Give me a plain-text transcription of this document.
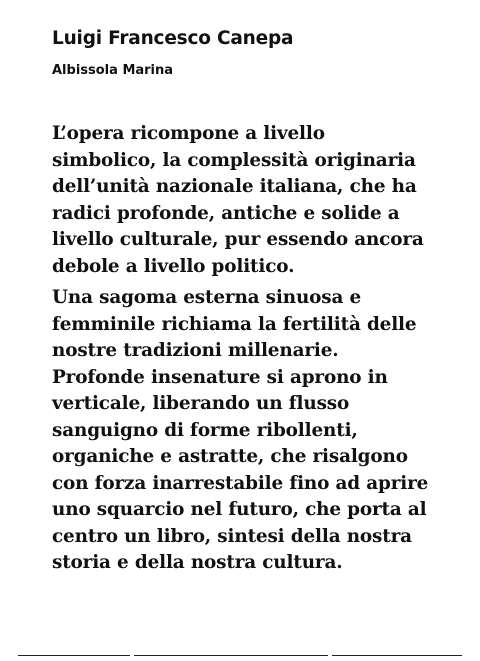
Luigi Francesco Canepa
Albissola Marina

L’opera ricompone a livello
simbolico, la complessità originaria
dell’unità nazionale italiana, che ha
radici profonde, antiche e solide a
livello culturale, pur essendo ancora
debole a livello politico.

Una sagoma esterna sinuosa e
femminile richiama la fertilità delle
nostre tradizioni millenarie.
Profonde insenature si aprono in
verticale, liberando un flusso
sanguigno di forme ribollenti,
organiche e astratte, che risalgono
con forza inarrestabile fino ad aprire
uno squarcio nel futuro, che porta al
centro un libro, sintesi della nostra
storia e della nostra cultura.
